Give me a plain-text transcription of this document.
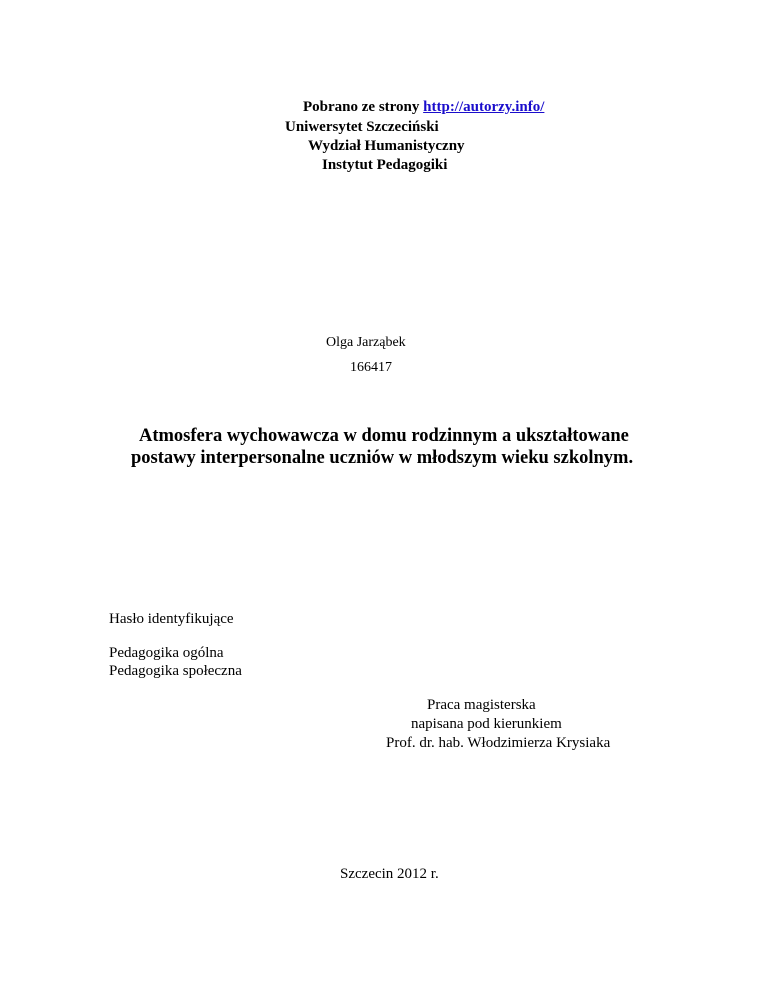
Pobrano ze strony http://autorzy.info/
Uniwersytet Szczeciński
Wydział Humanistyczny
Instytut Pedagogiki
Olga Jarząbek
166417
Atmosfera wychowawcza w domu rodzinnym a ukształtowane
postawy interpersonalne uczniów w młodszym wieku szkolnym.
Hasło identyfikujące
Pedagogika ogólna
Pedagogika społeczna
Praca magisterska
napisana pod kierunkiem
Prof. dr. hab. Włodzimierza Krysiaka
Szczecin 2012 r.
